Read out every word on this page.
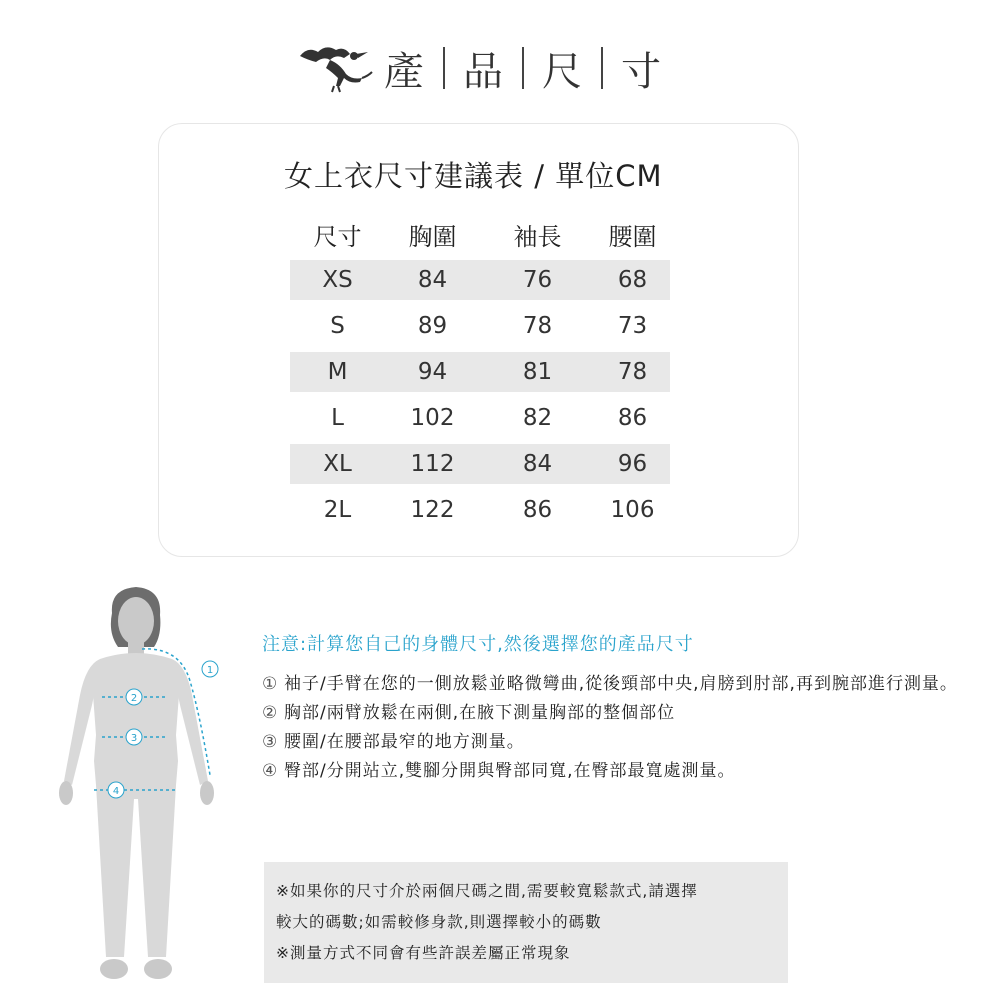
產 品 尺 寸
女上衣尺寸建議表 / 單位CM
尺寸	胸圍	袖長	腰圍
XS	84	76	68
S	89	78	73
M	94	81	78
L	102	82	86
XL	112	84	96
2L	122	86	106
1
2
3
4
注意:計算您自己的身體尺寸,然後選擇您的產品尺寸
① 袖子/手臂在您的一側放鬆並略微彎曲,從後頸部中央,肩膀到肘部,再到腕部進行測量。
② 胸部/兩臂放鬆在兩側,在腋下測量胸部的整個部位
③ 腰圍/在腰部最窄的地方測量。
④ 臀部/分開站立,雙腳分開與臀部同寬,在臀部最寬處測量。
※如果你的尺寸介於兩個尺碼之間,需要較寬鬆款式,請選擇
較大的碼數;如需較修身款,則選擇較小的碼數
※測量方式不同會有些許誤差屬正常現象
